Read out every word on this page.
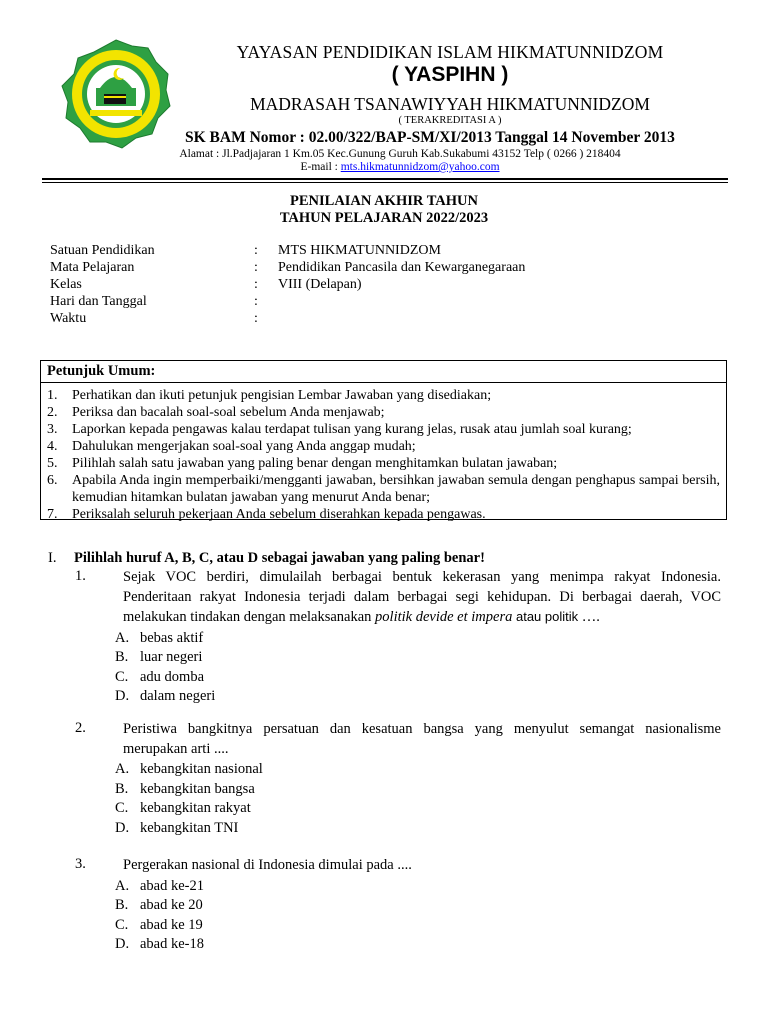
YAYASAN PENDIDIKAN ISLAM HIKMATUNNIDZOM
( YASPIHN )
MADRASAH TSANAWIYYAH HIKMATUNNIDZOM
( TERAKREDITASI A )
SK BAM Nomor : 02.00/322/BAP-SM/XI/2013 Tanggal 14 November 2013
Alamat : Jl.Padjajaran 1 Km.05 Kec.Gunung Guruh Kab.Sukabumi 43152 Telp ( 0266 ) 218404
E-mail : mts.hikmatunnidzom@yahoo.com
PENILAIAN AKHIR TAHUN
TAHUN PELAJARAN 2022/2023
Satuan Pendidikan	:	MTS HIKMATUNNIDZOM
Mata Pelajaran	:	Pendidikan Pancasila dan Kewarganegaraan
Kelas	:	VIII (Delapan)
Hari dan Tanggal	:
Waktu	:
Petunjuk Umum:
1.	Perhatikan dan ikuti petunjuk pengisian Lembar Jawaban yang disediakan;
2.	Periksa dan bacalah soal-soal sebelum Anda menjawab;
3.	Laporkan kepada pengawas kalau terdapat tulisan yang kurang jelas, rusak atau jumlah soal kurang;
4.	Dahulukan mengerjakan soal-soal yang Anda anggap mudah;
5.	Pilihlah salah satu jawaban yang paling benar dengan menghitamkan bulatan jawaban;
6.	Apabila Anda ingin memperbaiki/mengganti jawaban, bersihkan jawaban semula dengan penghapus sampai bersih, kemudian hitamkan bulatan jawaban yang menurut Anda benar;
7.	Periksalah seluruh pekerjaan Anda sebelum diserahkan kepada pengawas.
I.	Pilihlah huruf A, B, C, atau D sebagai jawaban yang paling benar!
1.	Sejak VOC berdiri, dimulailah berbagai bentuk kekerasan yang menimpa rakyat Indonesia. Penderitaan rakyat Indonesia terjadi dalam berbagai segi kehidupan. Di berbagai daerah, VOC melakukan tindakan dengan melaksanakan politik devide et impera atau politik ….
A. bebas aktif
B. luar negeri
C. adu domba
D. dalam negeri
2.	Peristiwa bangkitnya persatuan dan kesatuan bangsa yang menyulut semangat nasionalisme merupakan arti ....
A. kebangkitan nasional
B. kebangkitan bangsa
C. kebangkitan rakyat
D. kebangkitan TNI
3.	Pergerakan nasional di Indonesia dimulai pada ....
A. abad ke-21
B. abad ke 20
C. abad ke 19
D. abad ke-18
